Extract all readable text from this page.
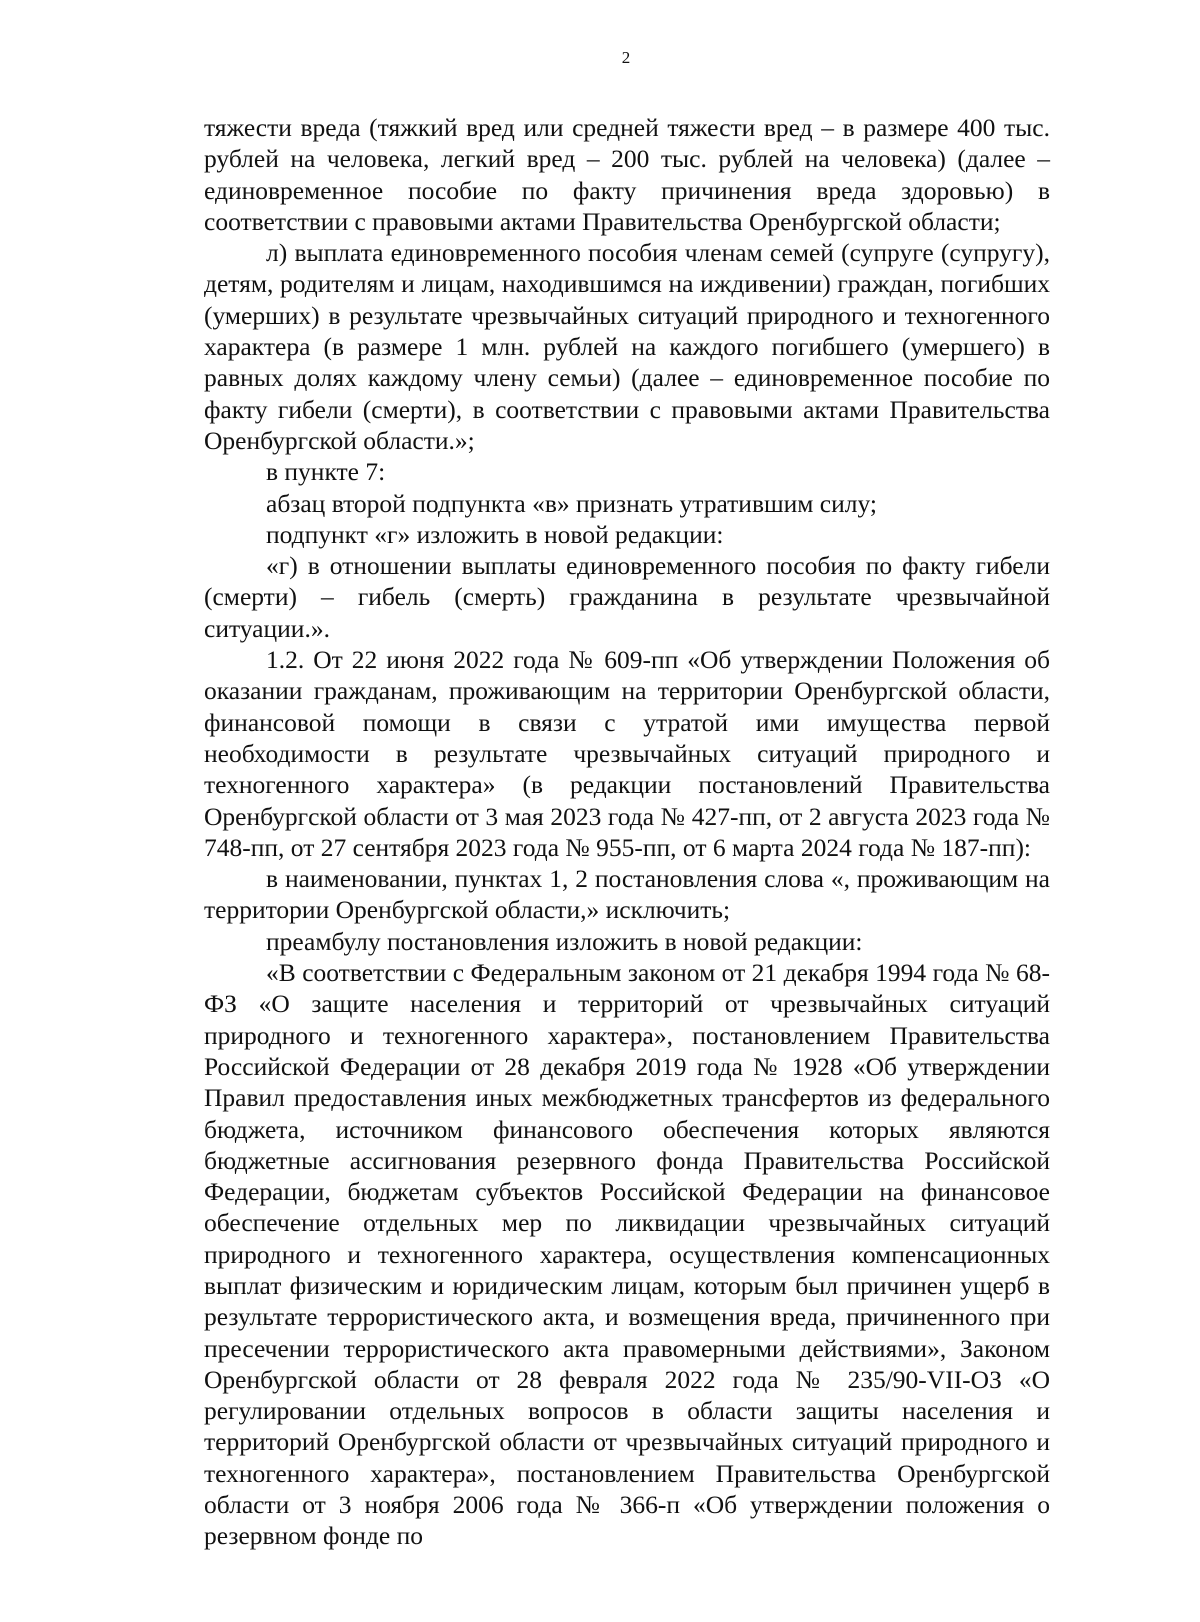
2

тяжести вреда (тяжкий вред или средней тяжести вред – в размере 400 тыс. рублей на человека, легкий вред – 200 тыс. рублей на человека) (далее – единовременное пособие по факту причинения вреда здоровью) в соответствии с правовыми актами Правительства Оренбургской области;

л) выплата единовременного пособия членам семей (супруге (супругу), детям, родителям и лицам, находившимся на иждивении) граждан, погибших (умерших) в результате чрезвычайных ситуаций природного и техногенного характера (в размере 1 млн. рублей на каждого погибшего (умершего) в равных долях каждому члену семьи) (далее – единовременное пособие по факту гибели (смерти), в соответствии с правовыми актами Правительства Оренбургской области.»;

в пункте 7:

абзац второй подпункта «в» признать утратившим силу;

подпункт «г» изложить в новой редакции:

«г) в отношении выплаты единовременного пособия по факту гибели (смерти) – гибель (смерть) гражданина в результате чрезвычайной ситуации.».

1.2. От 22 июня 2022 года № 609-пп «Об утверждении Положения об оказании гражданам, проживающим на территории Оренбургской области, финансовой помощи в связи с утратой ими имущества первой необходимости в результате чрезвычайных ситуаций природного и техногенного характера» (в редакции постановлений Правительства Оренбургской области от 3 мая 2023 года № 427-пп, от 2 августа 2023 года № 748-пп, от 27 сентября 2023 года № 955-пп, от 6 марта 2024 года № 187-пп):

в наименовании, пунктах 1, 2 постановления слова «, проживающим на территории Оренбургской области,» исключить;

преамбулу постановления изложить в новой редакции:

«В соответствии с Федеральным законом от 21 декабря 1994 года № 68-ФЗ «О защите населения и территорий от чрезвычайных ситуаций природного и техногенного характера», постановлением Правительства Российской Федерации от 28 декабря 2019 года № 1928 «Об утверждении Правил предоставления иных межбюджетных трансфертов из федерального бюджета, источником финансового обеспечения которых являются бюджетные ассигнования резервного фонда Правительства Российской Федерации, бюджетам субъектов Российской Федерации на финансовое обеспечение отдельных мер по ликвидации чрезвычайных ситуаций природного и техногенного характера, осуществления компенсационных выплат физическим и юридическим лицам, которым был причинен ущерб в результате террористического акта, и возмещения вреда, причиненного при пресечении террористического акта правомерными действиями», Законом Оренбургской области от 28 февраля 2022 года № 235/90-VII-ОЗ «О регулировании отдельных вопросов в области защиты населения и территорий Оренбургской области от чрезвычайных ситуаций природного и техногенного характера», постановлением Правительства Оренбургской области от 3 ноября 2006 года № 366-п «Об утверждении положения о резервном фонде по
